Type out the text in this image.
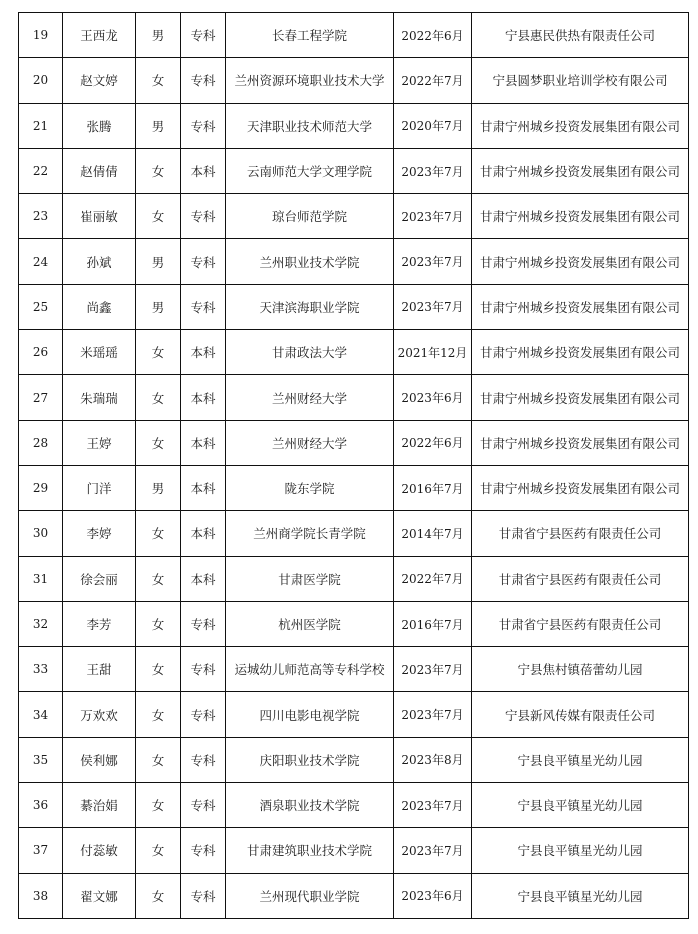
19	王西龙	男	专科	长春工程学院	2022年6月	宁县惠民供热有限责任公司
20	赵文婷	女	专科	兰州资源环境职业技术大学	2022年7月	宁县圆梦职业培训学校有限公司
21	张腾	男	专科	天津职业技术师范大学	2020年7月	甘肃宁州城乡投资发展集团有限公司
22	赵倩倩	女	本科	云南师范大学文理学院	2023年7月	甘肃宁州城乡投资发展集团有限公司
23	崔丽敏	女	专科	琼台师范学院	2023年7月	甘肃宁州城乡投资发展集团有限公司
24	孙斌	男	专科	兰州职业技术学院	2023年7月	甘肃宁州城乡投资发展集团有限公司
25	尚鑫	男	专科	天津滨海职业学院	2023年7月	甘肃宁州城乡投资发展集团有限公司
26	米瑶瑶	女	本科	甘肃政法大学	2021年12月	甘肃宁州城乡投资发展集团有限公司
27	朱瑞瑞	女	本科	兰州财经大学	2023年6月	甘肃宁州城乡投资发展集团有限公司
28	王婷	女	本科	兰州财经大学	2022年6月	甘肃宁州城乡投资发展集团有限公司
29	门洋	男	本科	陇东学院	2016年7月	甘肃宁州城乡投资发展集团有限公司
30	李婷	女	本科	兰州商学院长青学院	2014年7月	甘肃省宁县医药有限责任公司
31	徐会丽	女	本科	甘肃医学院	2022年7月	甘肃省宁县医药有限责任公司
32	李芳	女	专科	杭州医学院	2016年7月	甘肃省宁县医药有限责任公司
33	王甜	女	专科	运城幼儿师范高等专科学校	2023年7月	宁县焦村镇蓓蕾幼儿园
34	万欢欢	女	专科	四川电影电视学院	2023年7月	宁县新风传媒有限责任公司
35	侯利娜	女	专科	庆阳职业技术学院	2023年8月	宁县良平镇星光幼儿园
36	綦治娟	女	专科	酒泉职业技术学院	2023年7月	宁县良平镇星光幼儿园
37	付蕊敏	女	专科	甘肃建筑职业技术学院	2023年7月	宁县良平镇星光幼儿园
38	翟文娜	女	专科	兰州现代职业学院	2023年6月	宁县良平镇星光幼儿园
